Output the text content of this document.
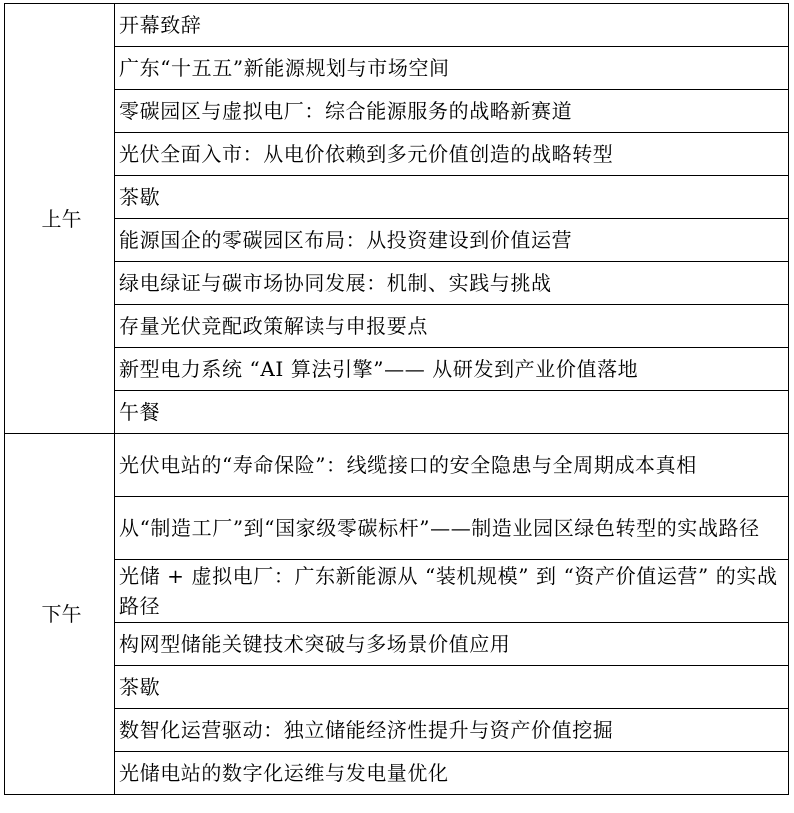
上午	开幕致辞
	广东“十五五”新能源规划与市场空间
	零碳园区与虚拟电厂：综合能源服务的战略新赛道
	光伏全面入市：从电价依赖到多元价值创造的战略转型
	茶歇
	能源国企的零碳园区布局：从投资建设到价值运营
	绿电绿证与碳市场协同发展：机制、实践与挑战
	存量光伏竞配政策解读与申报要点
	新型电力系统 “AI 算法引擎”—— 从研发到产业价值落地
	午餐
下午	光伏电站的“寿命保险”：线缆接口的安全隐患与全周期成本真相
	从“制造工厂”到“国家级零碳标杆”——制造业园区绿色转型的实战路径
	光储 + 虚拟电厂：广东新能源从 “装机规模” 到 “资产价值运营” 的实战路径
	构网型储能关键技术突破与多场景价值应用
	茶歇
	数智化运营驱动：独立储能经济性提升与资产价值挖掘
	光储电站的数字化运维与发电量优化
